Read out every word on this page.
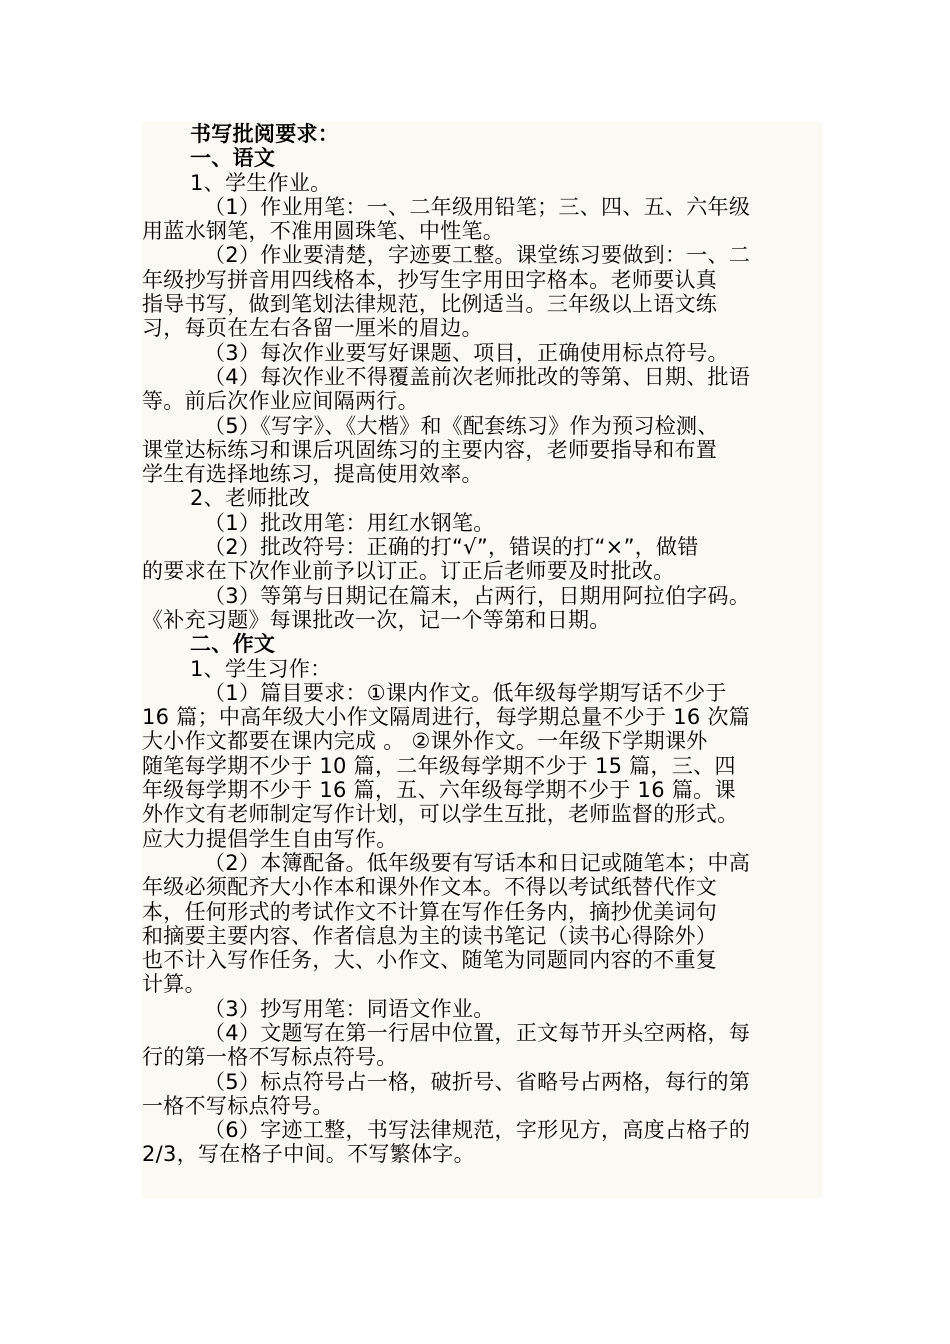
书写批阅要求：
一、语文
1、学生作业。
（1）作业用笔：一、二年级用铅笔；三、四、五、六年级
用蓝水钢笔，不准用圆珠笔、中性笔。
（2）作业要清楚，字迹要工整。课堂练习要做到：一、二
年级抄写拼音用四线格本，抄写生字用田字格本。老师要认真
指导书写，做到笔划法律规范，比例适当。三年级以上语文练
习，每页在左右各留一厘米的眉边。
（3）每次作业要写好课题、项目，正确使用标点符号。
（4）每次作业不得覆盖前次老师批改的等第、日期、批语
等。前后次作业应间隔两行。
（5）《写字》、《大楷》和《配套练习》作为预习检测、
课堂达标练习和课后巩固练习的主要内容，老师要指导和布置
学生有选择地练习，提高使用效率。
2、老师批改
（1）批改用笔：用红水钢笔。
（2）批改符号：正确的打“√”，错误的打“×”，做错
的要求在下次作业前予以订正。订正后老师要及时批改。
（3）等第与日期记在篇末，占两行，日期用阿拉伯字码。
《补充习题》每课批改一次，记一个等第和日期。
二、作文
1、学生习作：
（1）篇目要求：①课内作文。低年级每学期写话不少于
16 篇；中高年级大小作文隔周进行，每学期总量不少于 16 次篇
大小作文都要在课内完成 。 ②课外作文。一年级下学期课外
随笔每学期不少于 10 篇，二年级每学期不少于 15 篇，三、四
年级每学期不少于 16 篇，五、六年级每学期不少于 16 篇。课
外作文有老师制定写作计划，可以学生互批，老师监督的形式。
应大力提倡学生自由写作。
（2）本簿配备。低年级要有写话本和日记或随笔本；中高
年级必须配齐大小作本和课外作文本。不得以考试纸替代作文
本，任何形式的考试作文不计算在写作任务内，摘抄优美词句
和摘要主要内容、作者信息为主的读书笔记（读书心得除外）
也不计入写作任务，大、小作文、随笔为同题同内容的不重复
计算。
（3）抄写用笔：同语文作业。
（4）文题写在第一行居中位置，正文每节开头空两格，每
行的第一格不写标点符号。
（5）标点符号占一格，破折号、省略号占两格，每行的第
一格不写标点符号。
（6）字迹工整，书写法律规范，字形见方，高度占格子的
2/3，写在格子中间。不写繁体字。
